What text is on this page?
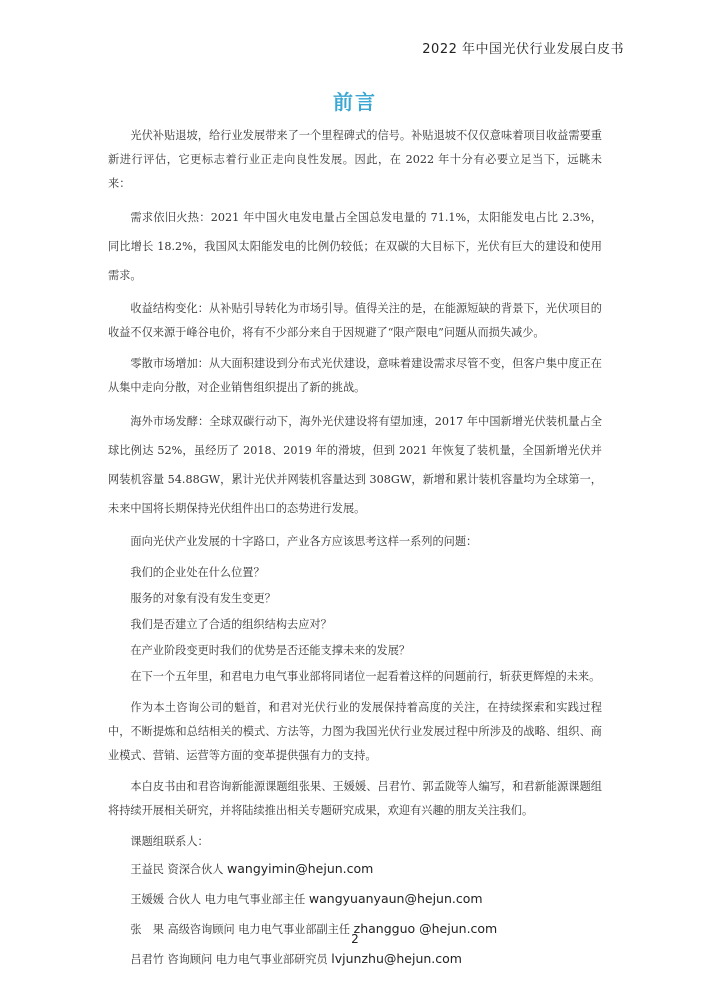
2022 年中国光伏行业发展白皮书
前言

光伏补贴退坡，给行业发展带来了一个里程碑式的信号。补贴退坡不仅仅意味着项目收益需要重新进行评估，它更标志着行业正走向良性发展。因此，在 2022 年十分有必要立足当下，远眺未来：

需求依旧火热：2021 年中国火电发电量占全国总发电量的 71.1%，太阳能发电占比 2.3%，同比增长 18.2%，我国风太阳能发电的比例仍较低；在双碳的大目标下，光伏有巨大的建设和使用需求。

收益结构变化：从补贴引导转化为市场引导。值得关注的是，在能源短缺的背景下，光伏项目的收益不仅来源于峰谷电价，将有不少部分来自于因规避了“限产限电”问题从而损失减少。

零散市场增加：从大面积建设到分布式光伏建设，意味着建设需求尽管不变，但客户集中度正在从集中走向分散，对企业销售组织提出了新的挑战。

海外市场发酵：全球双碳行动下，海外光伏建设将有望加速，2017 年中国新增光伏装机量占全球比例达 52%，虽经历了 2018、2019 年的滑坡，但到 2021 年恢复了装机量，全国新增光伏并网装机容量 54.88GW，累计光伏并网装机容量达到 308GW，新增和累计装机容量均为全球第一，未来中国将长期保持光伏组件出口的态势进行发展。

面向光伏产业发展的十字路口，产业各方应该思考这样一系列的问题：

我们的企业处在什么位置？

服务的对象有没有发生变更？

我们是否建立了合适的组织结构去应对？

在产业阶段变更时我们的优势是否还能支撑未来的发展？

在下一个五年里，和君电力电气事业部将同诸位一起看着这样的问题前行，斩获更辉煌的未来。

作为本土咨询公司的魁首，和君对光伏行业的发展保持着高度的关注，在持续探索和实践过程中，不断提炼和总结相关的模式、方法等，力图为我国光伏行业发展过程中所涉及的战略、组织、商业模式、营销、运营等方面的变革提供强有力的支持。

本白皮书由和君咨询新能源课题组张果、王媛媛、吕君竹、郭孟陇等人编写，和君新能源课题组将持续开展相关研究，并将陆续推出相关专题研究成果，欢迎有兴趣的朋友关注我们。

课题组联系人：

王益民 资深合伙人 wangyimin@hejun.com
王媛媛 合伙人 电力电气事业部主任 wangyuanyaun@hejun.com
张　果 高级咨询顾问 电力电气事业部副主任 zhangguo @hejun.com
吕君竹 咨询顾问 电力电气事业部研究员 lvjunzhu@hejun.com
2
